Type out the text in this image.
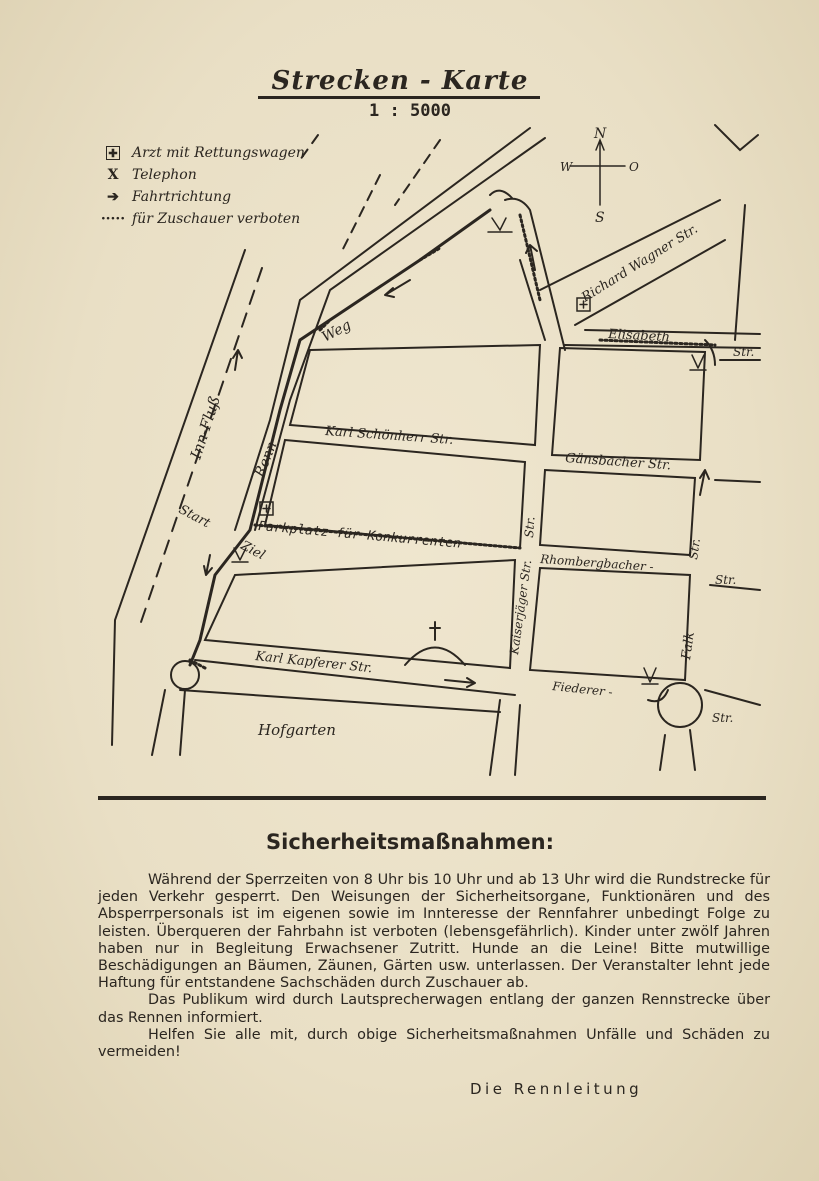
Strecken - Karte
1 : 5000
✚ Arzt mit Rettungswagen
Ⅹ Telephon
➔ Fahrtrichtung
····· für Zuschauer verboten
N
W	O
S
Inn-Fluß
Weg
Renn
Start
Ziel
Karl Schönherr Str.
Parkplatz für Konkurrenten
Karl Kapferer Str.
Hofgarten
Richard Wagner Str.
Elisabeth
Str.
Gänsbacher Str.
Str.
Kaiserjäger Str. Rhombergbacher -
Str.
Falk
Str.
Fiederer -
Str.
Sicherheitsmaßnahmen:

Während der Sperrzeiten von 8 Uhr bis 10 Uhr und ab 13 Uhr wird die Rundstrecke für jeden Verkehr gesperrt. Den Weisungen der Sicherheitsorgane, Funktionären und des Absperrpersonals ist im eigenen sowie im Innteresse der Rennfahrer unbedingt Folge zu leisten. Überqueren der Fahrbahn ist verboten (lebensgefährlich). Kinder unter zwölf Jahren haben nur in Begleitung Erwachsener Zutritt. Hunde an die Leine! Bitte mutwillige Beschädigungen an Bäumen, Zäunen, Gärten usw. unterlassen. Der Veranstalter lehnt jede Haftung für entstandene Sachschäden durch Zuschauer ab.

Das Publikum wird durch Lautsprecherwagen entlang der ganzen Rennstrecke über das Rennen informiert.

Helfen Sie alle mit, durch obige Sicherheitsmaßnahmen Unfälle und Schäden zu vermeiden!

Die Rennleitung
